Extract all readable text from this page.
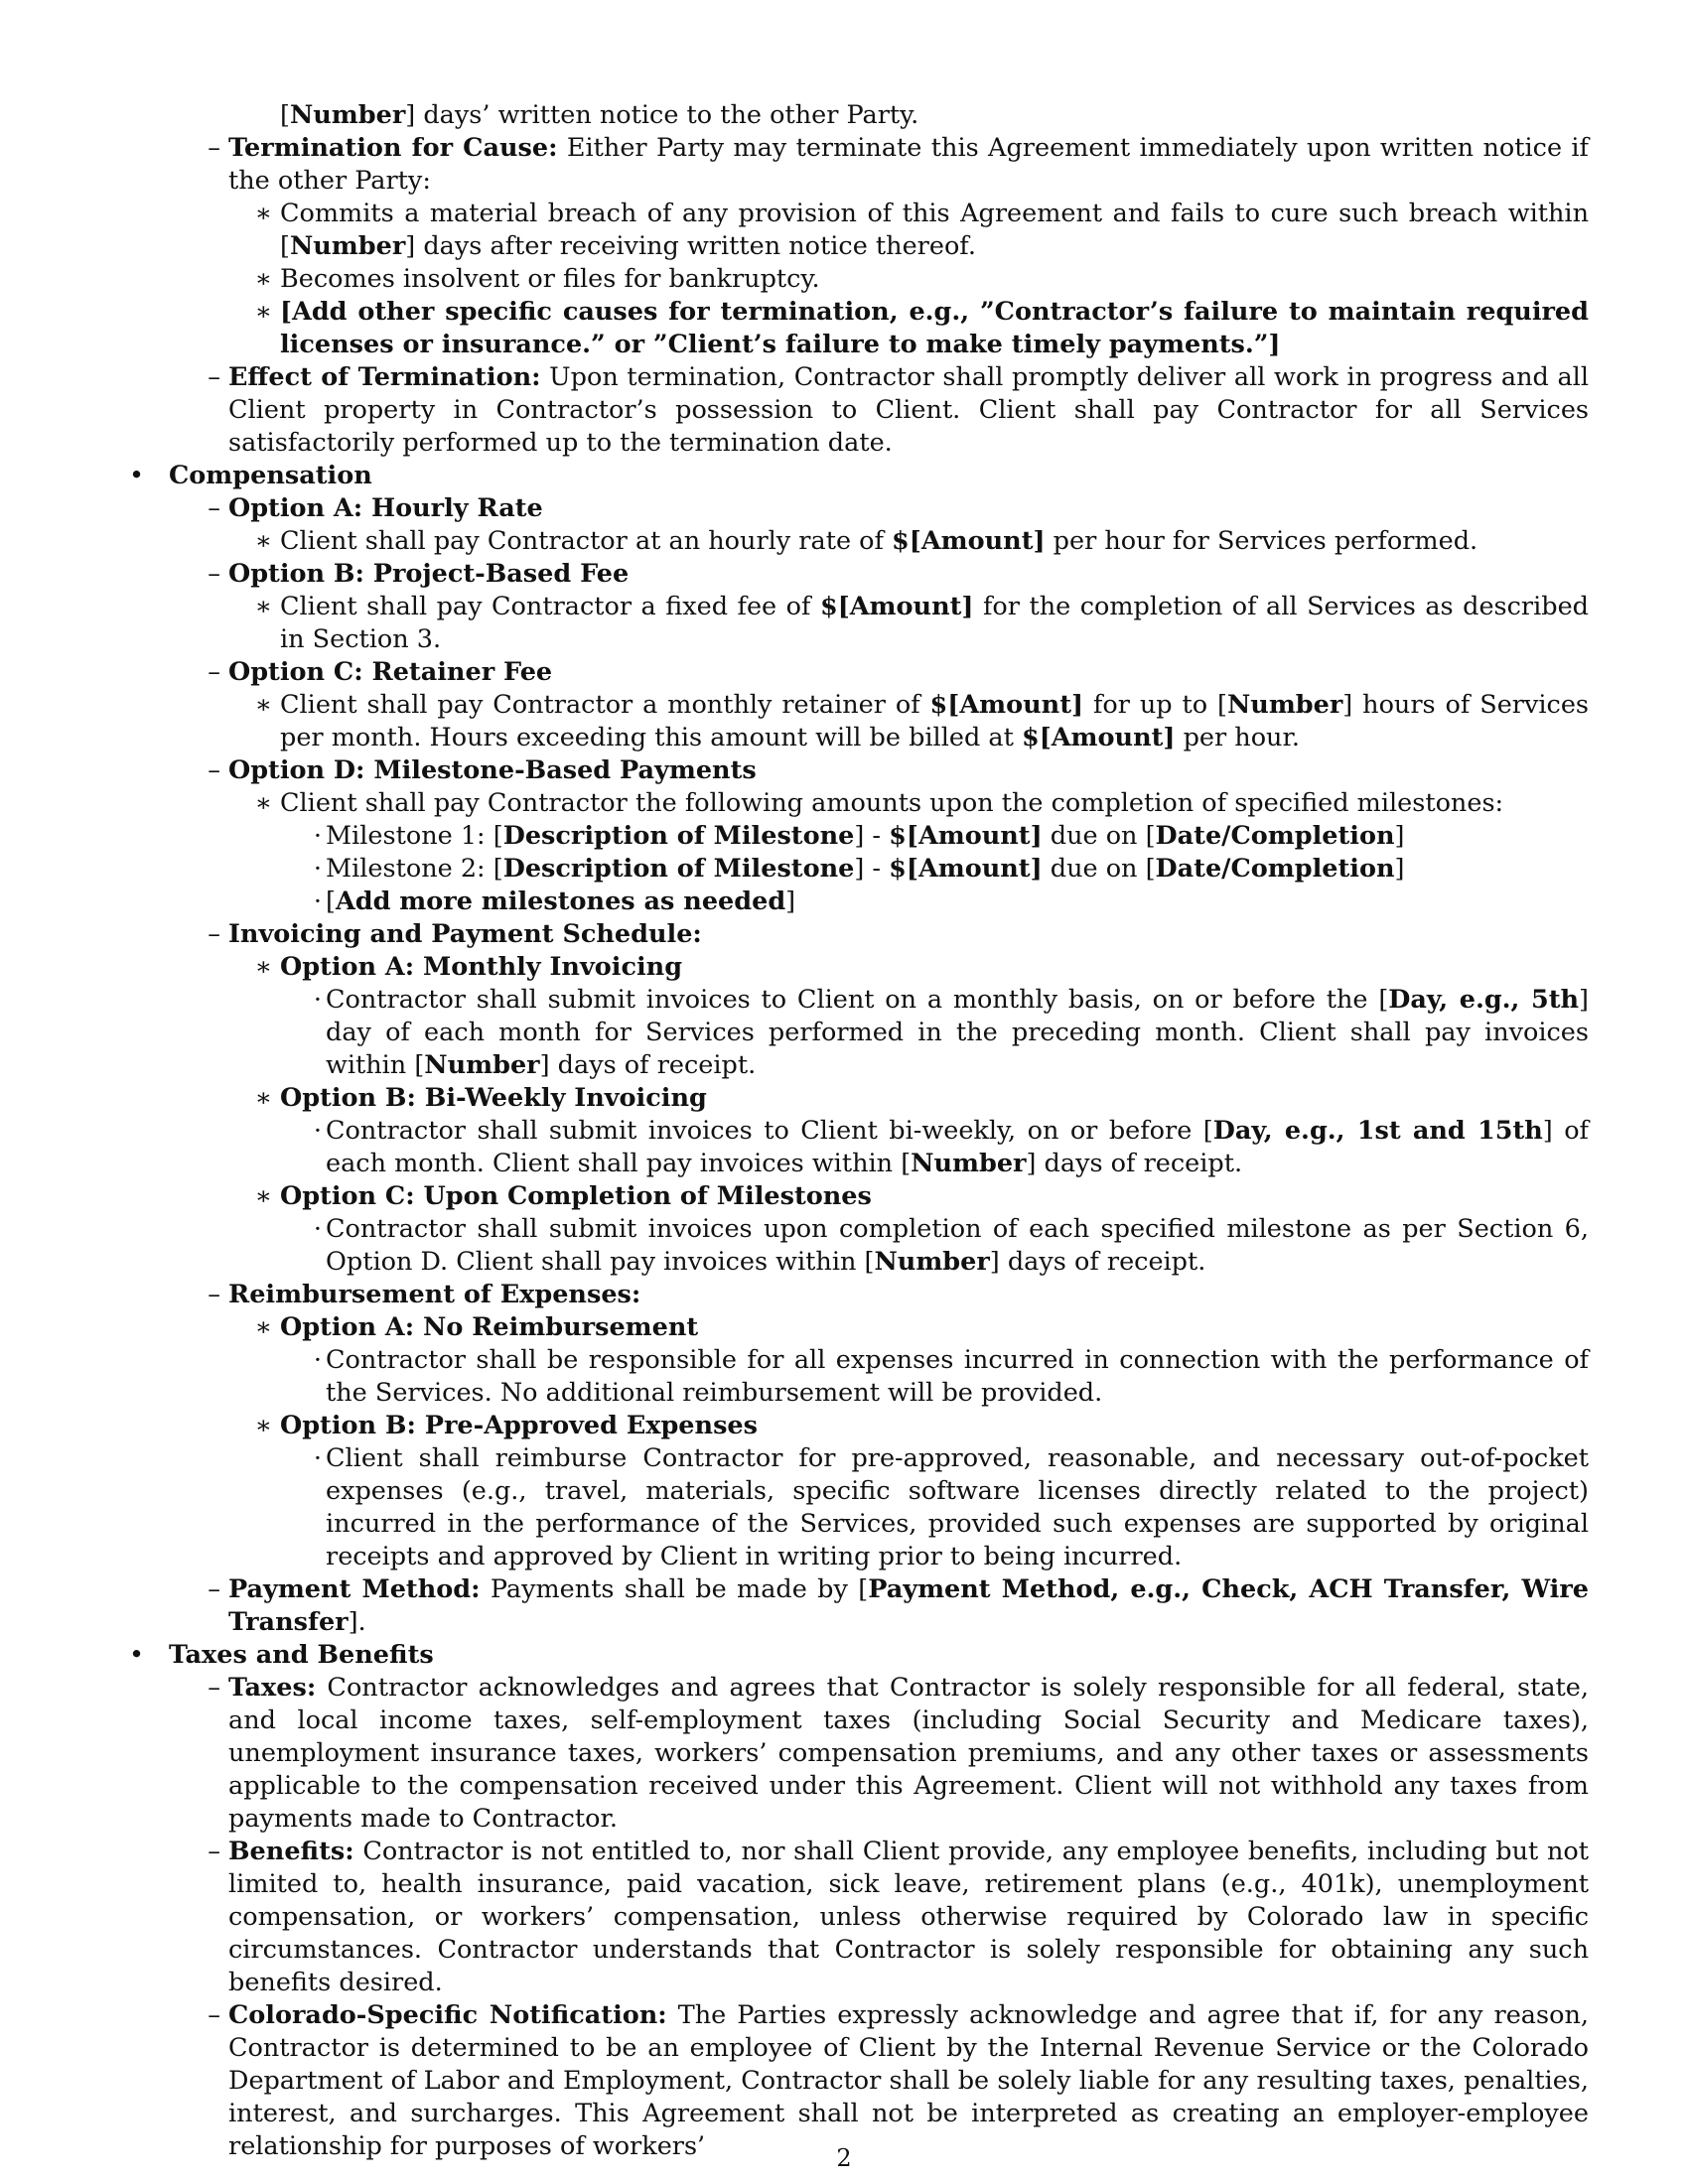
[Number] days’ written notice to the other Party.
– Termination for Cause: Either Party may terminate this Agreement immediately upon written notice if the other Party:
∗ Commits a material breach of any provision of this Agreement and fails to cure such breach within [Number] days after receiving written notice thereof.
∗ Becomes insolvent or files for bankruptcy.
∗ [Add other specific causes for termination, e.g., ”Contractor’s failure to maintain required licenses or insurance.” or ”Client’s failure to make timely payments.”]
– Effect of Termination: Upon termination, Contractor shall promptly deliver all work in progress and all Client property in Contractor’s possession to Client. Client shall pay Contractor for all Services satisfactorily performed up to the termination date.
• Compensation
– Option A: Hourly Rate
∗ Client shall pay Contractor at an hourly rate of $[Amount] per hour for Services performed.
– Option B: Project-Based Fee
∗ Client shall pay Contractor a fixed fee of $[Amount] for the completion of all Services as described in Section 3.
– Option C: Retainer Fee
∗ Client shall pay Contractor a monthly retainer of $[Amount] for up to [Number] hours of Services per month. Hours exceeding this amount will be billed at $[Amount] per hour.
– Option D: Milestone-Based Payments
∗ Client shall pay Contractor the following amounts upon the completion of specified milestones:
· Milestone 1: [Description of Milestone] - $[Amount] due on [Date/Completion]
· Milestone 2: [Description of Milestone] - $[Amount] due on [Date/Completion]
· [Add more milestones as needed]
– Invoicing and Payment Schedule:
∗ Option A: Monthly Invoicing
· Contractor shall submit invoices to Client on a monthly basis, on or before the [Day, e.g., 5th] day of each month for Services performed in the preceding month. Client shall pay invoices within [Number] days of receipt.
∗ Option B: Bi-Weekly Invoicing
· Contractor shall submit invoices to Client bi-weekly, on or before [Day, e.g., 1st and 15th] of each month. Client shall pay invoices within [Number] days of receipt.
∗ Option C: Upon Completion of Milestones
· Contractor shall submit invoices upon completion of each specified milestone as per Section 6, Option D. Client shall pay invoices within [Number] days of receipt.
– Reimbursement of Expenses:
∗ Option A: No Reimbursement
· Contractor shall be responsible for all expenses incurred in connection with the performance of the Services. No additional reimbursement will be provided.
∗ Option B: Pre-Approved Expenses
· Client shall reimburse Contractor for pre-approved, reasonable, and necessary out-of-pocket expenses (e.g., travel, materials, specific software licenses directly related to the project) incurred in the performance of the Services, provided such expenses are supported by original receipts and approved by Client in writing prior to being incurred.
– Payment Method: Payments shall be made by [Payment Method, e.g., Check, ACH Transfer, Wire Transfer].
• Taxes and Benefits
– Taxes: Contractor acknowledges and agrees that Contractor is solely responsible for all federal, state, and local income taxes, self-employment taxes (including Social Security and Medicare taxes), unemployment insurance taxes, workers’ compensation premiums, and any other taxes or assessments applicable to the compensation received under this Agreement. Client will not withhold any taxes from payments made to Contractor.
– Benefits: Contractor is not entitled to, nor shall Client provide, any employee benefits, including but not limited to, health insurance, paid vacation, sick leave, retirement plans (e.g., 401k), unemployment compensation, or workers’ compensation, unless otherwise required by Colorado law in specific circumstances. Contractor understands that Contractor is solely responsible for obtaining any such benefits desired.
– Colorado-Specific Notification: The Parties expressly acknowledge and agree that if, for any reason, Contractor is determined to be an employee of Client by the Internal Revenue Service or the Colorado Department of Labor and Employment, Contractor shall be solely liable for any resulting taxes, penalties, interest, and surcharges. This Agreement shall not be interpreted as creating an employer-employee relationship for purposes of workers’	2
